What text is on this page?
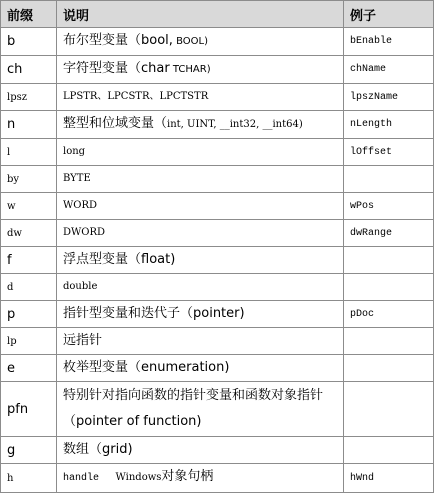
前缀	说明	例子
b	布尔型变量（bool, BOOL)	bEnable
ch	字符型变量（char TCHAR)	chName
lpsz	LPSTR、LPCSTR、LPCTSTR	lpszName
n	整型和位域变量（int, UINT, __int32, __int64)	nLength
l	long	lOffset
by	BYTE	
w	WORD	wPos
dw	DWORD	dwRange
f	浮点型变量（float)	
d	double	
p	指针型变量和迭代子（pointer)	pDoc
lp	远指针	
e	枚举型变量（enumeration)	
pfn	特别针对指向函数的指针变量和函数对象指针
（pointer of function)	

g	数组（grid)	
h	handle Windows对象句柄	hWnd
